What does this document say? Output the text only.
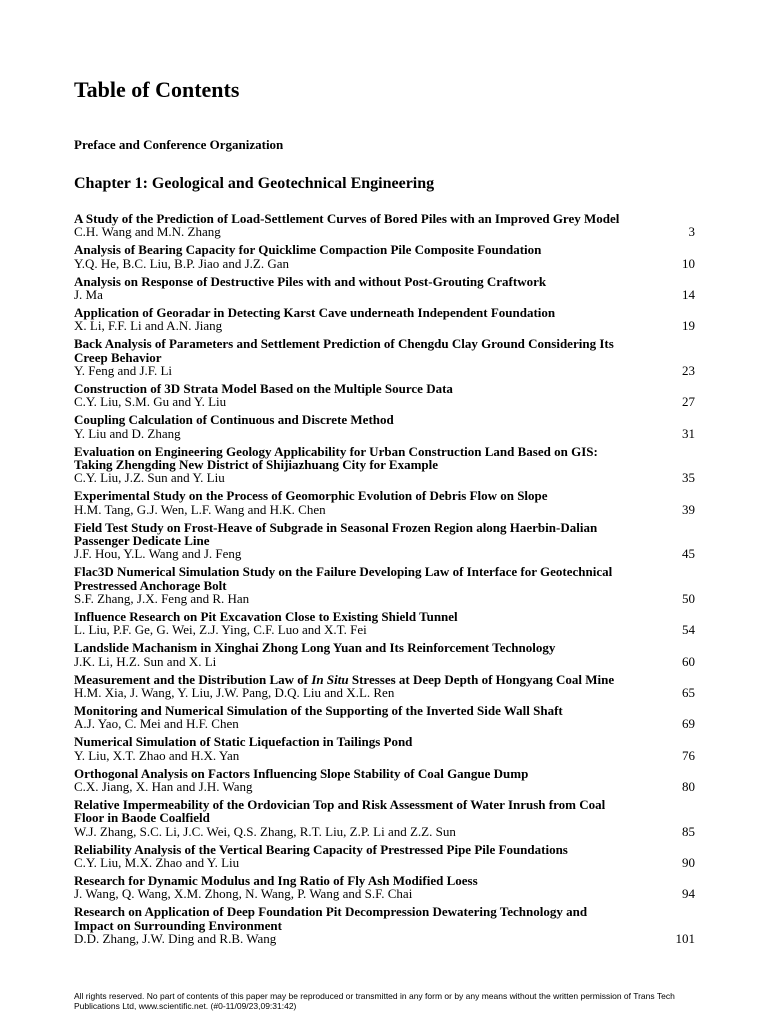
Table of Contents
Preface and Conference Organization
Chapter 1: Geological and Geotechnical Engineering
A Study of the Prediction of Load-Settlement Curves of Bored Piles with an Improved Grey Model
C.H. Wang and M.N. Zhang	3
Analysis of Bearing Capacity for Quicklime Compaction Pile Composite Foundation
Y.Q. He, B.C. Liu, B.P. Jiao and J.Z. Gan	10
Analysis on Response of Destructive Piles with and without Post-Grouting Craftwork
J. Ma	14
Application of Georadar in Detecting Karst Cave underneath Independent Foundation
X. Li, F.F. Li and A.N. Jiang	19
Back Analysis of Parameters and Settlement Prediction of Chengdu Clay Ground Considering Its Creep Behavior
Y. Feng and J.F. Li	23
Construction of 3D Strata Model Based on the Multiple Source Data
C.Y. Liu, S.M. Gu and Y. Liu	27
Coupling Calculation of Continuous and Discrete Method
Y. Liu and D. Zhang	31
Evaluation on Engineering Geology Applicability for Urban Construction Land Based on GIS: Taking Zhengding New District of Shijiazhuang City for Example
C.Y. Liu, J.Z. Sun and Y. Liu	35
Experimental Study on the Process of Geomorphic Evolution of Debris Flow on Slope
H.M. Tang, G.J. Wen, L.F. Wang and H.K. Chen	39
Field Test Study on Frost-Heave of Subgrade in Seasonal Frozen Region along Haerbin-Dalian Passenger Dedicate Line
J.F. Hou, Y.L. Wang and J. Feng	45
Flac3D Numerical Simulation Study on the Failure Developing Law of Interface for Geotechnical Prestressed Anchorage Bolt
S.F. Zhang, J.X. Feng and R. Han	50
Influence Research on Pit Excavation Close to Existing Shield Tunnel
L. Liu, P.F. Ge, G. Wei, Z.J. Ying, C.F. Luo and X.T. Fei	54
Landslide Machanism in Xinghai Zhong Long Yuan and Its Reinforcement Technology
J.K. Li, H.Z. Sun and X. Li	60
Measurement and the Distribution Law of In Situ Stresses at Deep Depth of Hongyang Coal Mine
H.M. Xia, J. Wang, Y. Liu, J.W. Pang, D.Q. Liu and X.L. Ren	65
Monitoring and Numerical Simulation of the Supporting of the Inverted Side Wall Shaft
A.J. Yao, C. Mei and H.F. Chen	69
Numerical Simulation of Static Liquefaction in Tailings Pond
Y. Liu, X.T. Zhao and H.X. Yan	76
Orthogonal Analysis on Factors Influencing Slope Stability of Coal Gangue Dump
C.X. Jiang, X. Han and J.H. Wang	80
Relative Impermeability of the Ordovician Top and Risk Assessment of Water Inrush from Coal Floor in Baode Coalfield
W.J. Zhang, S.C. Li, J.C. Wei, Q.S. Zhang, R.T. Liu, Z.P. Li and Z.Z. Sun	85
Reliability Analysis of the Vertical Bearing Capacity of Prestressed Pipe Pile Foundations
C.Y. Liu, M.X. Zhao and Y. Liu	90
Research for Dynamic Modulus and Ing Ratio of Fly Ash Modified Loess
J. Wang, Q. Wang, X.M. Zhong, N. Wang, P. Wang and S.F. Chai	94
Research on Application of Deep Foundation Pit Decompression Dewatering Technology and Impact on Surrounding Environment
D.D. Zhang, J.W. Ding and R.B. Wang	101
All rights reserved. No part of contents of this paper may be reproduced or transmitted in any form or by any means without the written permission of Trans Tech Publications Ltd, www.scientific.net. (#0-11/09/23,09:31:42)
